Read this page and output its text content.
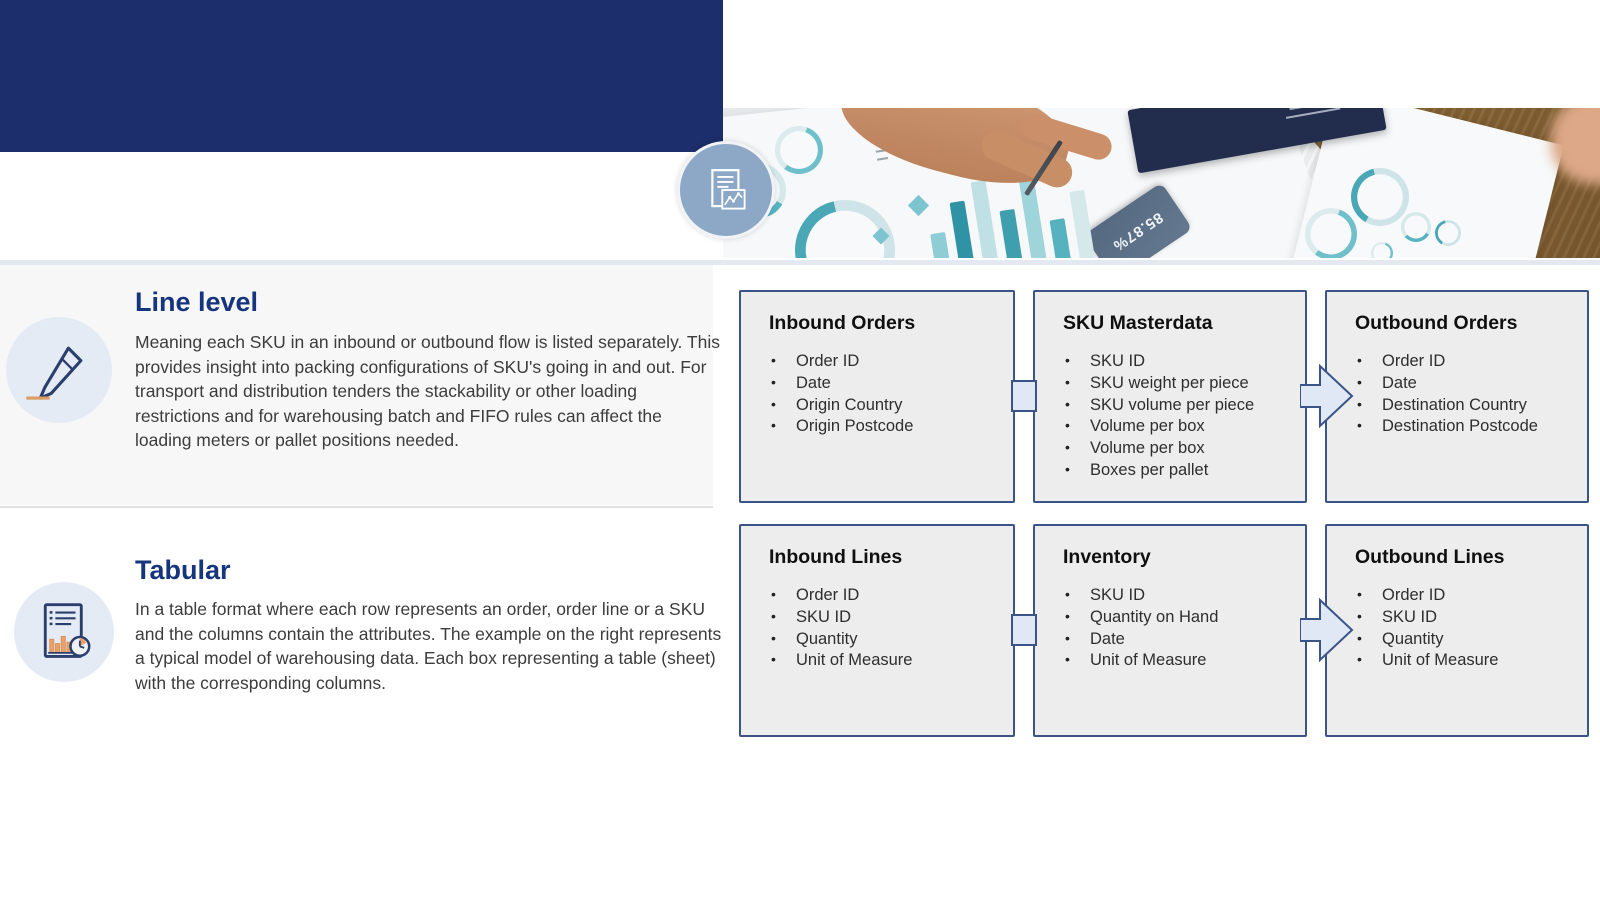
Basic rules for organizing data on
logistics information:	85.87%
Line level

Meaning each SKU in an inbound or outbound flow is listed separately. This provides insight into packing configurations of SKU's going in and out. For transport and distribution tenders the stackability or other loading restrictions and for warehousing batch and FIFO rules can affect the loading meters or pallet positions needed.

Tabular

In a table format where each row represents an order, order line or a SKU and the columns contain the attributes. The example on the right represents a typical model of warehousing data. Each box representing a table (sheet) with the corresponding columns.

Inbound Orders
•	Order ID
•	Date
•	Origin Country
•	Origin Postcode
SKU Masterdata
•	SKU ID
•	SKU weight per piece
•	SKU volume per piece
•	Volume per box
•	Volume per box
•	Boxes per pallet
Outbound Orders
•	Order ID
•	Date
•	Destination Country
•	Destination Postcode
Inbound Lines
•	Order ID
•	SKU ID
•	Quantity
•	Unit of Measure
Inventory
•	SKU ID
•	Quantity on Hand
•	Date
•	Unit of Measure
Outbound Lines
•	Order ID
•	SKU ID
•	Quantity
•	Unit of Measure
